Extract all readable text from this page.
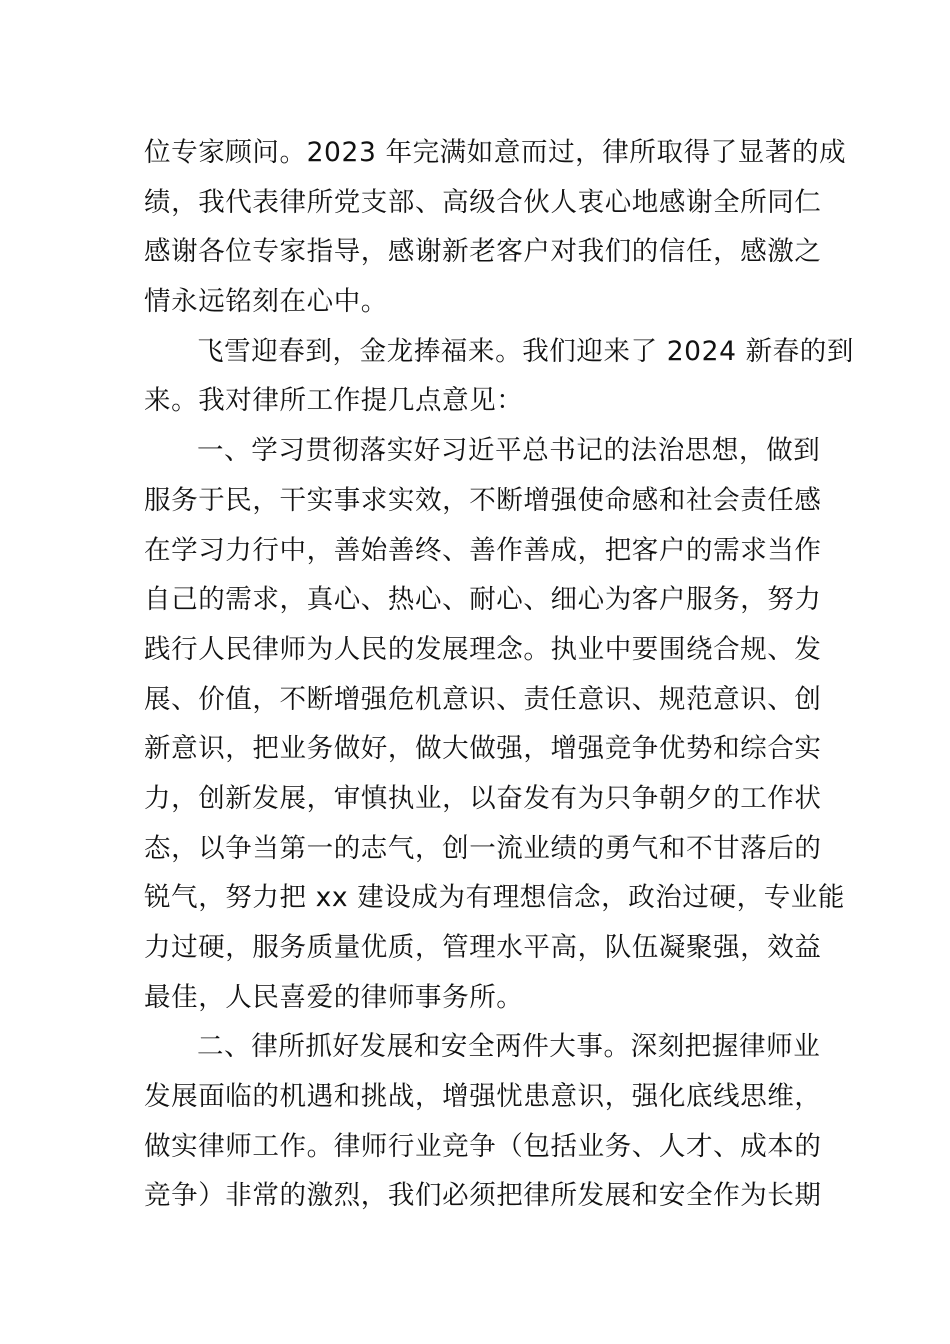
位专家顾问。2023 年完满如意而过，律所取得了显著的成
绩，我代表律所党支部、高级合伙人衷心地感谢全所同仁
感谢各位专家指导，感谢新老客户对我们的信任，感激之
情永远铭刻在心中。
飞雪迎春到，金龙捧福来。我们迎来了 2024 新春的到
来。我对律所工作提几点意见：
一、学习贯彻落实好习近平总书记的法治思想，做到
服务于民，干实事求实效，不断增强使命感和社会责任感
在学习力行中，善始善终、善作善成，把客户的需求当作
自己的需求，真心、热心、耐心、细心为客户服务，努力
践行人民律师为人民的发展理念。执业中要围绕合规、发
展、价值，不断增强危机意识、责任意识、规范意识、创
新意识，把业务做好，做大做强，增强竞争优势和综合实
力，创新发展，审慎执业，以奋发有为只争朝夕的工作状
态，以争当第一的志气，创一流业绩的勇气和不甘落后的
锐气，努力把 xx 建设成为有理想信念，政治过硬，专业能
力过硬，服务质量优质，管理水平高，队伍凝聚强，效益
最佳，人民喜爱的律师事务所。
二、律所抓好发展和安全两件大事。深刻把握律师业
发展面临的机遇和挑战，增强忧患意识，强化底线思维，
做实律师工作。律师行业竞争（包括业务、人才、成本的
竞争）非常的激烈，我们必须把律所发展和安全作为长期
